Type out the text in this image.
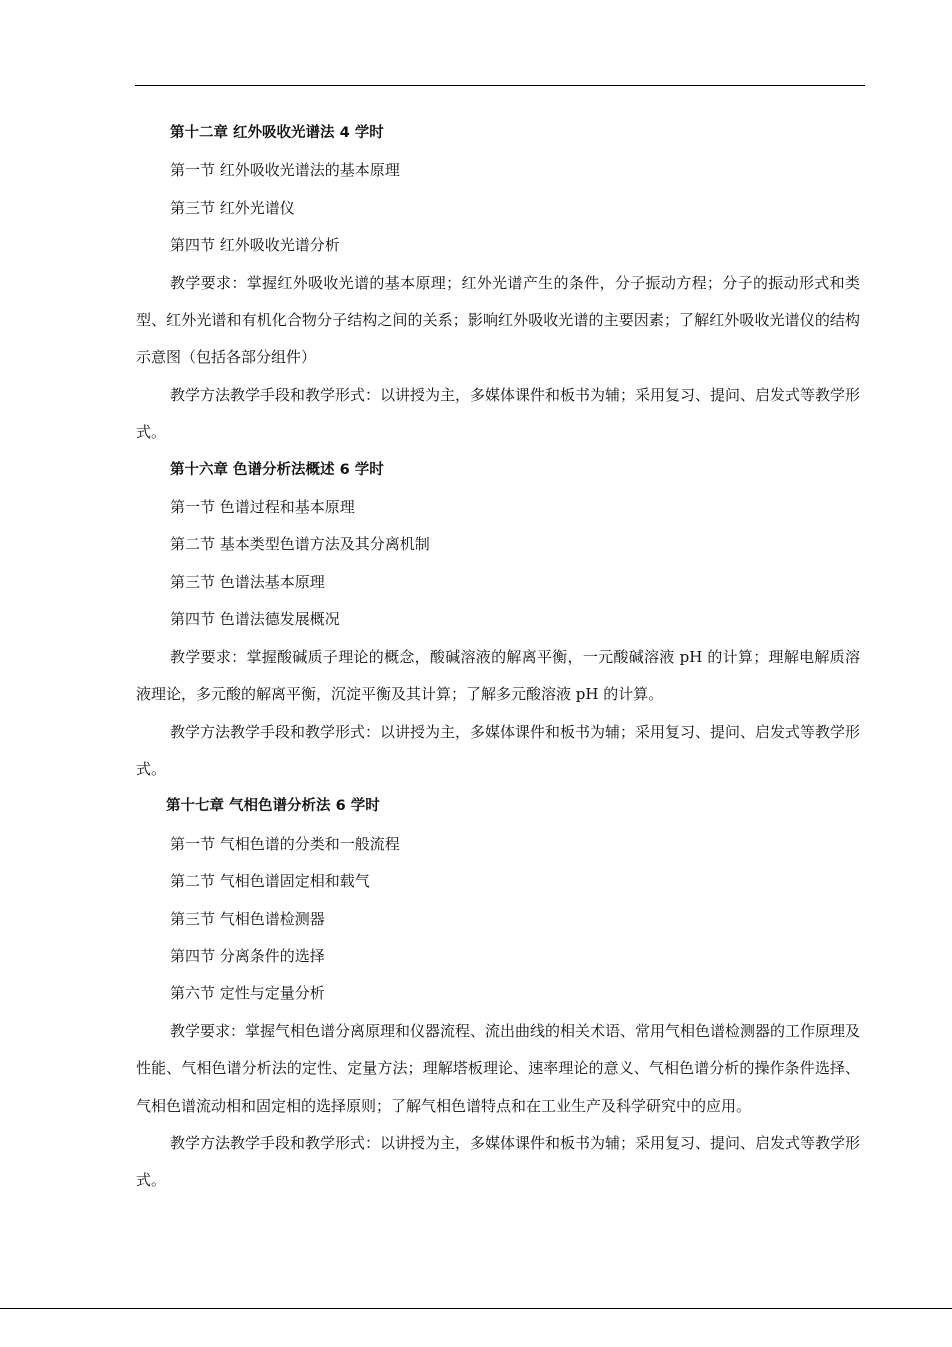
第十二章 红外吸收光谱法 4 学时

第一节 红外吸收光谱法的基本原理

第三节 红外光谱仪

第四节 红外吸收光谱分析

教学要求：掌握红外吸收光谱的基本原理；红外光谱产生的条件，分子振动方程；分子的振动形式和类型、红外光谱和有机化合物分子结构之间的关系；影响红外吸收光谱的主要因素；了解红外吸收光谱仪的结构示意图（包括各部分组件）

教学方法教学手段和教学形式：以讲授为主，多媒体课件和板书为辅；采用复习、提问、启发式等教学形式。

第十六章 色谱分析法概述 6 学时

第一节 色谱过程和基本原理

第二节 基本类型色谱方法及其分离机制

第三节 色谱法基本原理

第四节 色谱法德发展概况

教学要求：掌握酸碱质子理论的概念，酸碱溶液的解离平衡，一元酸碱溶液 pH 的计算；理解电解质溶液理论，多元酸的解离平衡，沉淀平衡及其计算；了解多元酸溶液 pH 的计算。

教学方法教学手段和教学形式：以讲授为主，多媒体课件和板书为辅；采用复习、提问、启发式等教学形式。

第十七章 气相色谱分析法 6 学时

第一节 气相色谱的分类和一般流程

第二节 气相色谱固定相和载气

第三节 气相色谱检测器

第四节 分离条件的选择

第六节 定性与定量分析

教学要求：掌握气相色谱分离原理和仪器流程、流出曲线的相关术语、常用气相色谱检测器的工作原理及性能、气相色谱分析法的定性、定量方法；理解塔板理论、速率理论的意义、气相色谱分析的操作条件选择、气相色谱流动相和固定相的选择原则；了解气相色谱特点和在工业生产及科学研究中的应用。

教学方法教学手段和教学形式：以讲授为主，多媒体课件和板书为辅；采用复习、提问、启发式等教学形式。
